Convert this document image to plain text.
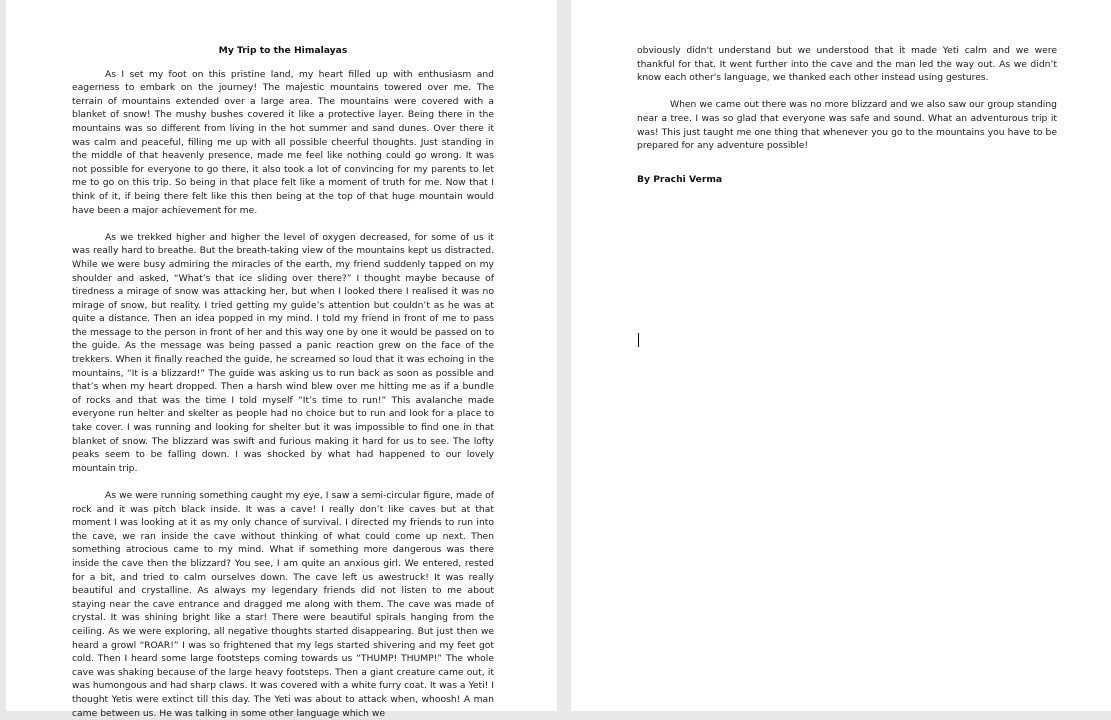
My Trip to the Himalayas

As I set my foot on this pristine land, my heart filled up with enthusiasm and eagerness to embark on the journey! The majestic mountains towered over me. The terrain of mountains extended over a large area. The mountains were covered with a blanket of snow! The mushy bushes covered it like a protective layer. Being there in the mountains was so different from living in the hot summer and sand dunes. Over there it was calm and peaceful, filling me up with all possible cheerful thoughts. Just standing in the middle of that heavenly presence, made me feel like nothing could go wrong. It was not possible for everyone to go there, it also took a lot of convincing for my parents to let me to go on this trip. So being in that place felt like a moment of truth for me. Now that I think of it, if being there felt like this then being at the top of that huge mountain would have been a major achievement for me.

As we trekked higher and higher the level of oxygen decreased, for some of us it was really hard to breathe. But the breath-taking view of the mountains kept us distracted. While we were busy admiring the miracles of the earth, my friend suddenly tapped on my shoulder and asked, “What’s that ice sliding over there?” I thought maybe because of tiredness a mirage of snow was attacking her, but when I looked there I realised it was no mirage of snow, but reality. I tried getting my guide’s attention but couldn’t as he was at quite a distance. Then an idea popped in my mind. I told my friend in front of me to pass the message to the person in front of her and this way one by one it would be passed on to the guide. As the message was being passed a panic reaction grew on the face of the trekkers. When it finally reached the guide, he screamed so loud that it was echoing in the mountains, “It is a blizzard!” The guide was asking us to run back as soon as possible and that’s when my heart dropped. Then a harsh wind blew over me hitting me as if a bundle of rocks and that was the time I told myself “It’s time to run!” This avalanche made everyone run helter and skelter as people had no choice but to run and look for a place to take cover. I was running and looking for shelter but it was impossible to find one in that blanket of snow. The blizzard was swift and furious making it hard for us to see. The lofty peaks seem to be falling down. I was shocked by what had happened to our lovely mountain trip.

As we were running something caught my eye, I saw a semi-circular figure, made of rock and it was pitch black inside. It was a cave! I really don’t like caves but at that moment I was looking at it as my only chance of survival. I directed my friends to run into the cave, we ran inside the cave without thinking of what could come up next. Then something atrocious came to my mind. What if something more dangerous was there inside the cave then the blizzard? You see, I am quite an anxious girl. We entered, rested for a bit, and tried to calm ourselves down. The cave left us awestruck! It was really beautiful and crystalline. As always my legendary friends did not listen to me about staying near the cave entrance and dragged me along with them. The cave was made of crystal. It was shining bright like a star! There were beautiful spirals hanging from the ceiling. As we were exploring, all negative thoughts started disappearing. But just then we heard a growl “ROAR!” I was so frightened that my legs started shivering and my feet got cold. Then I heard some large footsteps coming towards us “THUMP! THUMP!” The whole cave was shaking because of the large heavy footsteps. Then a giant creature came out, it was humongous and had sharp claws. It was covered with a white furry coat. It was a Yeti! I thought Yetis were extinct till this day. The Yeti was about to attack when, whoosh! A man came between us. He was talking in some other language which we

obviously didn't understand but we understood that it made Yeti calm and we were thankful for that. It went further into the cave and the man led the way out. As we didn’t know each other's language, we thanked each other instead using gestures.

When we came out there was no more blizzard and we also saw our group standing near a tree. I was so glad that everyone was safe and sound. What an adventurous trip it was! This just taught me one thing that whenever you go to the mountains you have to be prepared for any adventure possible!

By Prachi Verma
